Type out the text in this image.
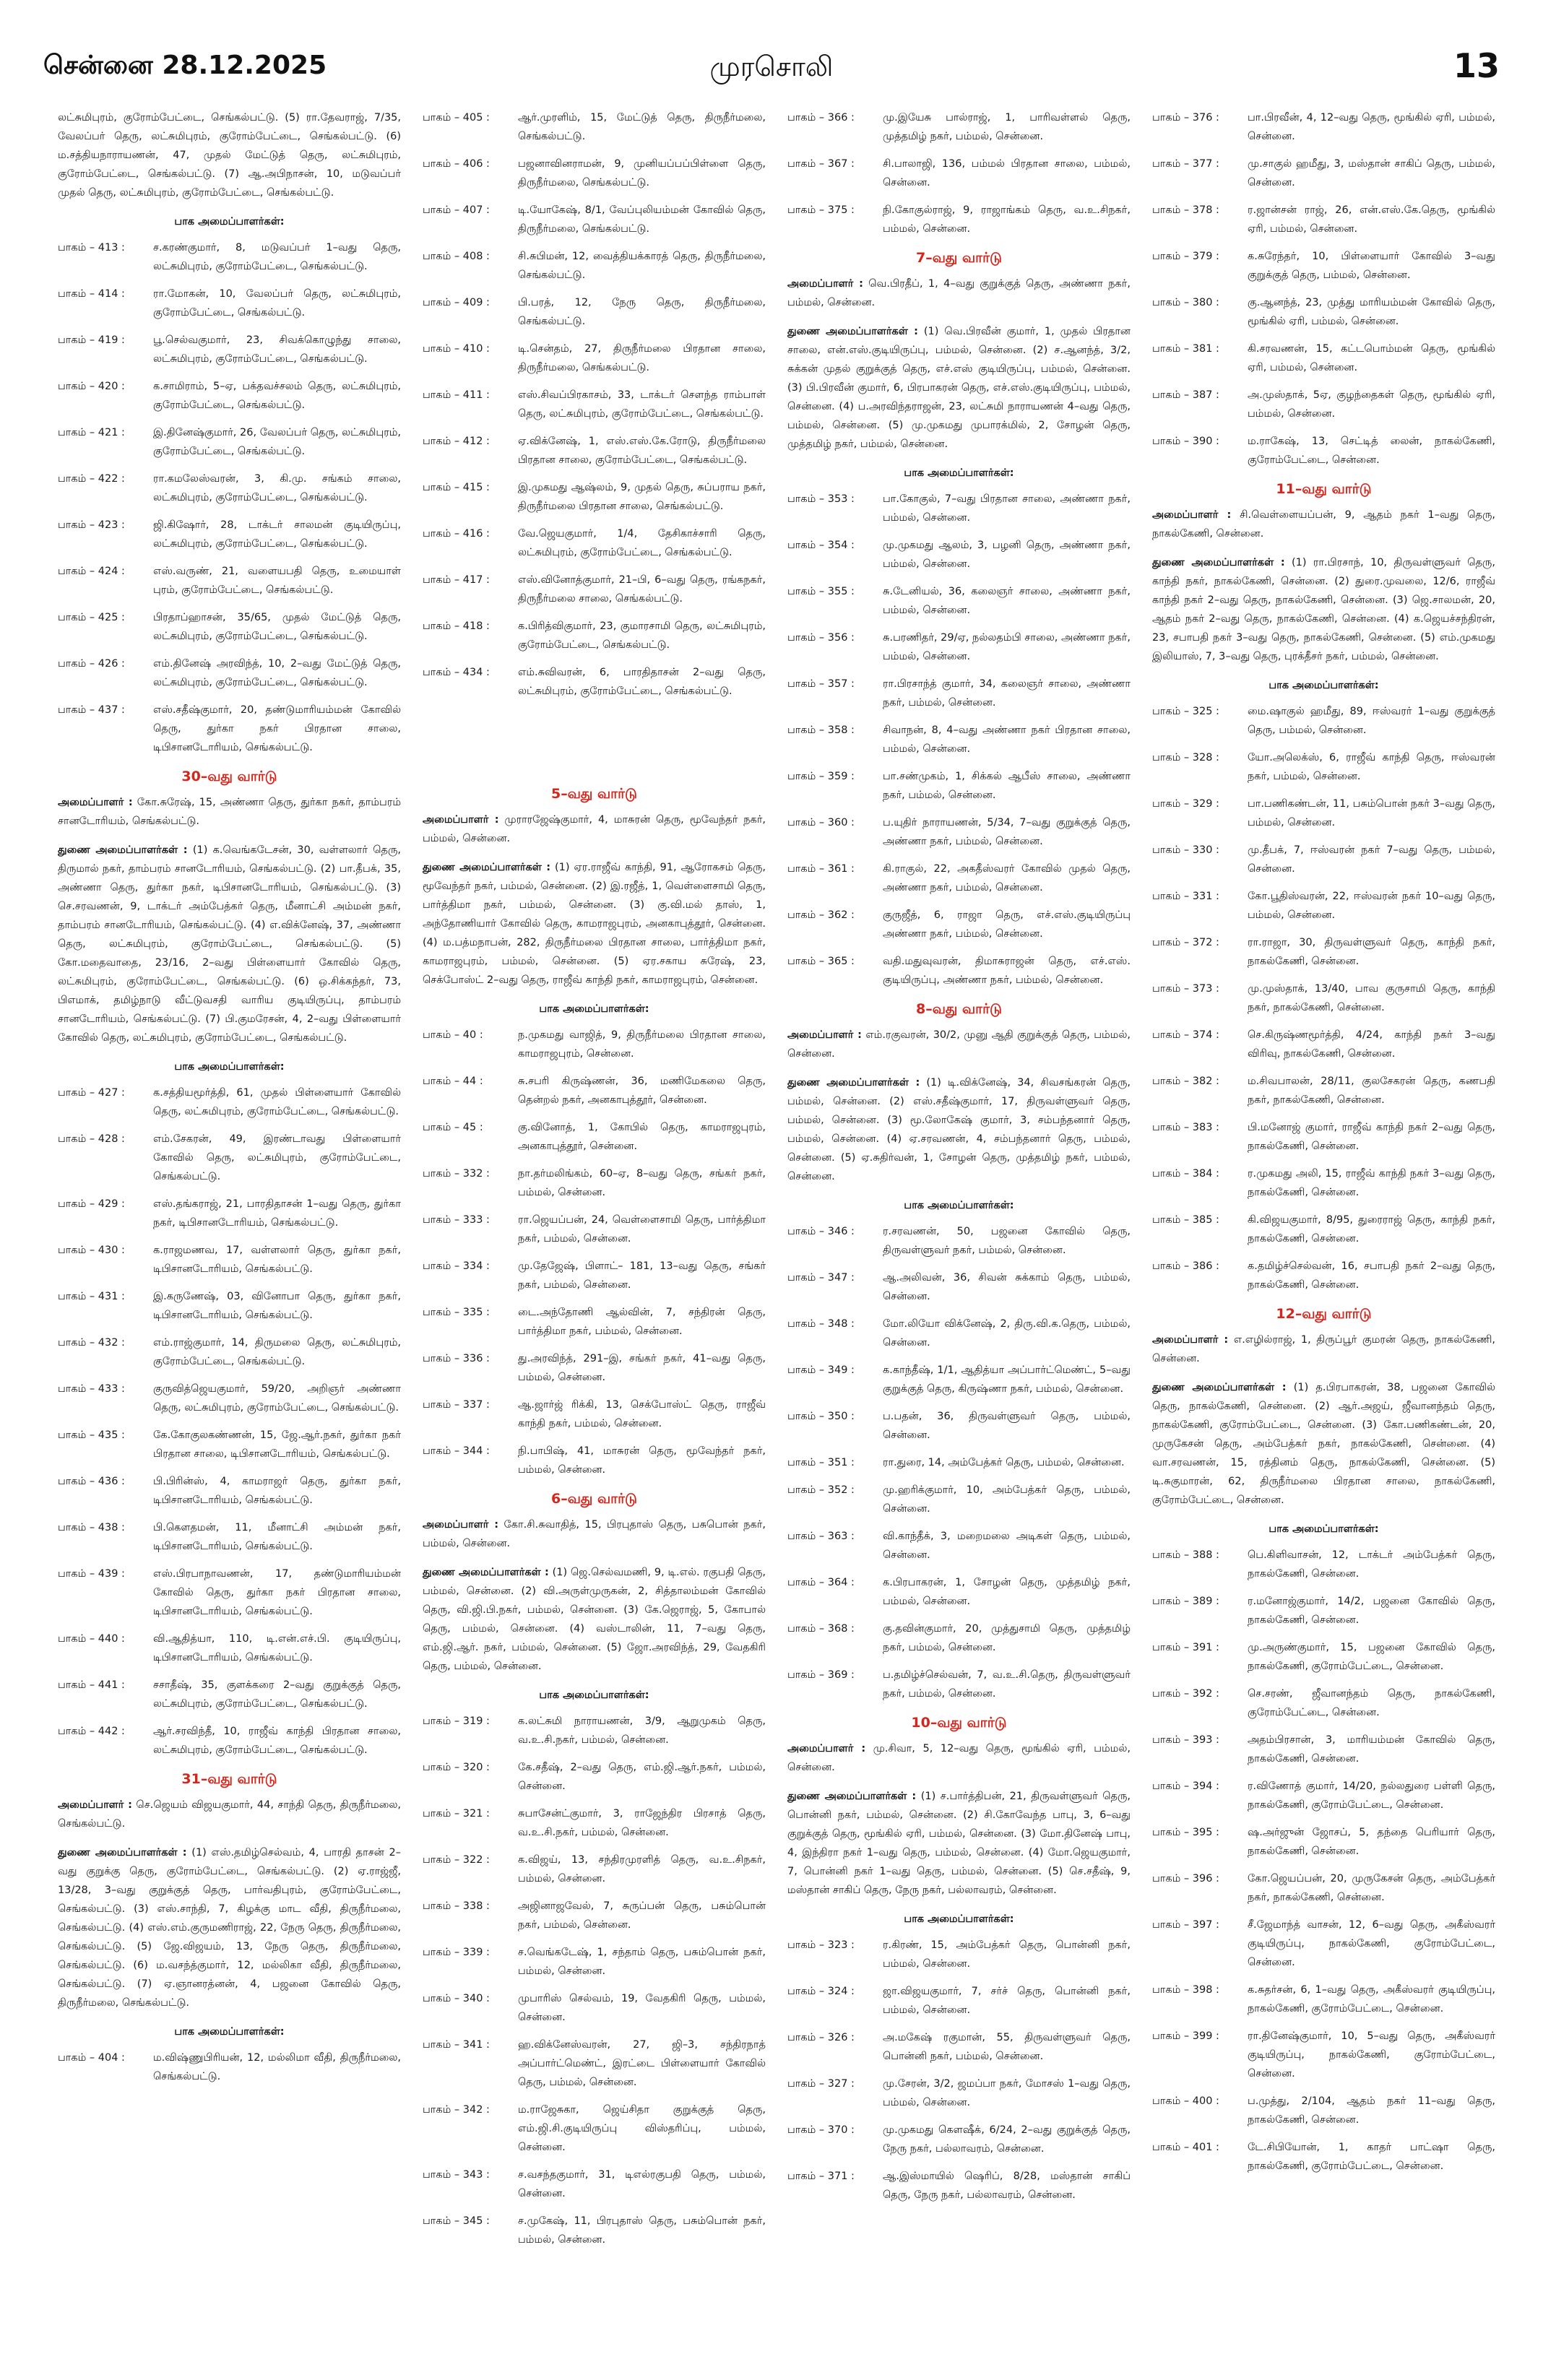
சென்னை 28.12.2025	முரசொலி	13

லட்சுமிபுரம், குரோம்பேட்டை, செங்கல்பட்டு. (5) ரா.தேவராஜ், 7/35, வேலப்பர் தெரு, லட்சுமிபுரம், குரோம்பேட்டை, செங்கல்பட்டு. (6) ம.சத்தியநாராயணன், 47, முதல் மேட்டுத் தெரு, லட்சுமிபுரம், குரோம்பேட்டை, செங்கல்பட்டு. (7) ஆ.அபிநாசன், 10, மடுவப்பர் முதல் தெரு, லட்சுமிபுரம், குரோம்பேட்டை, செங்கல்பட்டு.

பாக அமைப்பாளர்கள்:
பாகம் – 413 :	ச.கரண்குமார், 8, மடுவப்பர் 1–வது தெரு, லட்சுமிபுரம், குரோம்பேட்டை, செங்கல்பட்டு.
பாகம் – 414 :	ரா.மோகன், 10, வேலப்பர் தெரு, லட்சுமிபுரம், குரோம்பேட்டை, செங்கல்பட்டு.
பாகம் – 419 :	பூ.செல்வகுமார், 23, சிவக்கொழுந்து சாலை, லட்சுமிபுரம், குரோம்பேட்டை, செங்கல்பட்டு.
பாகம் – 420 :	க.சாமிராம், 5–ஏ, பக்தவச்சலம் தெரு, லட்சுமிபுரம், குரோம்பேட்டை, செங்கல்பட்டு.
பாகம் – 421 :	இ.தினேஷ்குமார், 26, வேலப்பர் தெரு, லட்சுமிபுரம், குரோம்பேட்டை, செங்கல்பட்டு.
பாகம் – 422 :	ரா.கமலேஸ்வரன், 3, கி.மு. சங்கம் சாலை, லட்சுமிபுரம், குரோம்பேட்டை, செங்கல்பட்டு.
பாகம் – 423 :	ஜி.கிஷோர், 28, டாக்டர் சாலமன் குடியிருப்பு, லட்சுமிபுரம், குரோம்பேட்டை, செங்கல்பட்டு.
பாகம் – 424 :	எஸ்.வருண், 21, வளையபதி தெரு, உமையாள் புரம், குரோம்பேட்டை, செங்கல்பட்டு.
பாகம் – 425 :	பிரதாப்ஹாசன், 35/65, முதல் மேட்டுத் தெரு, லட்சுமிபுரம், குரோம்பேட்டை, செங்கல்பட்டு.
பாகம் – 426 :	எம்.தினேஷ் அரவிந்த், 10, 2–வது மேட்டுத் தெரு, லட்சுமிபுரம், குரோம்பேட்டை, செங்கல்பட்டு.
பாகம் – 437 :	எஸ்.சதீஷ்குமார், 20, தண்டுமாரியம்மன் கோவில் தெரு, துர்கா நகர் பிரதான சாலை, டிபிசானடோரியம், செங்கல்பட்டு.
30–வது வார்டு

அமைப்பாளர் : கோ.சுரேஷ், 15, அண்ணா தெரு, துர்கா நகர், தாம்பரம் சானடோரியம், செங்கல்பட்டு.

துணை அமைப்பாளர்கள் : (1) க.வெங்கடேசன், 30, வள்ளலார் தெரு, திருமால் நகர், தாம்பரம் சானடோரியம், செங்கல்பட்டு. (2) பா.தீபக், 35, அண்ணா தெரு, துர்கா நகர், டிபிசானடோரியம், செங்கல்பட்டு. (3) செ.சரவணன், 9, டாக்டர் அம்பேத்கர் தெரு, மீனாட்சி அம்மன் நகர், தாம்பரம் சானடோரியம், செங்கல்பட்டு. (4) எ.விக்னேஷ், 37, அண்ணா தெரு, லட்சுமிபுரம், குரோம்பேட்டை, செங்கல்பட்டு. (5) கோ.மதைவாதை, 23/16, 2–வது பிள்ளையார் கோவில் தெரு, லட்சுமிபுரம், குரோம்பேட்டை, செங்கல்பட்டு. (6) ஒ.சிக்கந்தர், 73, பிஎமாக், தமிழ்நாடு வீட்டுவசதி வாரிய குடியிருப்பு, தாம்பரம் சானடோரியம், செங்கல்பட்டு. (7) பி.குமரேசன், 4, 2–வது பிள்ளையார் கோவில் தெரு, லட்சுமிபுரம், குரோம்பேட்டை, செங்கல்பட்டு.

பாக அமைப்பாளர்கள்:
பாகம் – 427 :	க.சத்தியமூர்த்தி, 61, முதல் பிள்ளையார் கோவில் தெரு, லட்சுமிபுரம், குரோம்பேட்டை, செங்கல்பட்டு.
பாகம் – 428 :	எம்.சேகரன், 49, இரண்டாவது பிள்ளையார் கோவில் தெரு, லட்சுமிபுரம், குரோம்பேட்டை, செங்கல்பட்டு.
பாகம் – 429 :	எஸ்.தங்கராஜ், 21, பாரதிதாசன் 1–வது தெரு, துர்கா நகர், டிபிசானடோரியம், செங்கல்பட்டு.
பாகம் – 430 :	க.ராஜமணவ, 17, வள்ளலார் தெரு, துர்கா நகர், டிபிசானடோரியம், செங்கல்பட்டு.
பாகம் – 431 :	இ.கருணேஷ், 03, வினோபா தெரு, துர்கா நகர், டிபிசானடோரியம், செங்கல்பட்டு.
பாகம் – 432 :	எம்.ராஜ்குமார், 14, திருமலை தெரு, லட்சுமிபுரம், குரோம்பேட்டை, செங்கல்பட்டு.
பாகம் – 433 :	குருவித்ஜெயகுமார், 59/20, அறிஞர் அண்ணா தெரு, லட்சுமிபுரம், குரோம்பேட்டை, செங்கல்பட்டு.
பாகம் – 435 :	கே.கோகுலகண்ணன், 15, ஜே.ஆர்.நகர், துர்கா நகர் பிரதான சாலை, டிபிசானடோரியம், செங்கல்பட்டு.
பாகம் – 436 :	பி.பிரின்ஸ், 4, காமராஜர் தெரு, துர்கா நகர், டிபிசானடோரியம், செங்கல்பட்டு.
பாகம் – 438 :	பி.கௌதமன், 11, மீனாட்சி அம்மன் நகர், டிபிசானடோரியம், செங்கல்பட்டு.
பாகம் – 439 :	எஸ்.பிரபாநாவணன், 17, தண்டுமாரியம்மன் கோவில் தெரு, துர்கா நகர் பிரதான சாலை, டிபிசானடோரியம், செங்கல்பட்டு.
பாகம் – 440 :	வி.ஆதித்யா, 110, டி.என்.எச்.பி. குடியிருப்பு, டிபிசானடோரியம், செங்கல்பட்டு.
பாகம் – 441 :	சசாதீஷ், 35, குளக்கரை 2–வது குறுக்குத் தெரு, லட்சுமிபுரம், குரோம்பேட்டை, செங்கல்பட்டு.
பாகம் – 442 :	ஆர்.சரவிந்தீ, 10, ராஜீவ் காந்தி பிரதான சாலை, லட்சுமிபுரம், குரோம்பேட்டை, செங்கல்பட்டு.
31–வது வார்டு

அமைப்பாளர் : செ.ஜெயம் விஜயகுமார், 44, சாந்தி தெரு, திருநீர்மலை, செங்கல்பட்டு.

துணை அமைப்பாளர்கள் : (1) எஸ்.தமிழ்செல்வம், 4, பாரதி தாசன் 2–வது குறுக்கு தெரு, குரோம்பேட்டை, செங்கல்பட்டு. (2) ஏ.ராஜ்ஜீ, 13/28, 3–வது குறுக்குத் தெரு, பார்வதிபுரம், குரோம்பேட்டை, செங்கல்பட்டு. (3) எஸ்.சாந்தி, 7, கிழக்கு மாட வீதி, திருநீர்மலை, செங்கல்பட்டு. (4) எஸ்.எம்.குருமணிராஜ், 22, நேரு தெரு, திருநீர்மலை, செங்கல்பட்டு. (5) ஜே.விஜயம், 13, நேரு தெரு, திருநீர்மலை, செங்கல்பட்டு. (6) ம.வசந்த்குமார், 12, மல்லிகா வீதி, திருநீர்மலை, செங்கல்பட்டு. (7) ஏ.ஞானரத்னன், 4, பஜனை கோவில் தெரு, திருநீர்மலை, செங்கல்பட்டு.

பாக அமைப்பாளர்கள்:
பாகம் – 404 :	ம.விஷ்ணுபிரியன், 12, மல்லிமா வீதி, திருநீர்மலை, செங்கல்பட்டு.
பாகம் – 405 :	ஆர்.முரளிம், 15, மேட்டுத் தெரு, திருநீர்மலை, செங்கல்பட்டு.
பாகம் – 406 :	பஜனாவினராமன், 9, முனியப்பப்பிள்ளை தெரு, திருநீர்மலை, செங்கல்பட்டு.
பாகம் – 407 :	டி.யோகேஷ், 8/1, வேப்புலியம்மன் கோவில் தெரு, திருநீர்மலை, செங்கல்பட்டு.
பாகம் – 408 :	சி.சுபிமன், 12, வைத்தியக்காரத் தெரு, திருநீர்மலை, செங்கல்பட்டு.
பாகம் – 409 :	பி.பரத், 12, நேரு தெரு, திருநீர்மலை, செங்கல்பட்டு.
பாகம் – 410 :	டி.சென்தம், 27, திருநீர்மலை பிரதான சாலை, திருநீர்மலை, செங்கல்பட்டு.
பாகம் – 411 :	எஸ்.சிவப்பிரகாசம், 33, டாக்டர் சௌந்த ராம்பாள் தெரு, லட்சுமிபுரம், குரோம்பேட்டை, செங்கல்பட்டு.
பாகம் – 412 :	ஏ.விக்னேஷ், 1, எஸ்.எஸ்.கே.ரோடு, திருநீர்மலை பிரதான சாலை, குரோம்பேட்டை, செங்கல்பட்டு.
பாகம் – 415 :	இ.முகமது ஆஷ்லம், 9, முதல் தெரு, சுப்பராய நகர், திருநீர்மலை பிரதான சாலை, செங்கல்பட்டு.
பாகம் – 416 :	வே.ஜெயகுமார், 1/4, தேசிகாச்சாரி தெரு, லட்சுமிபுரம், குரோம்பேட்டை, செங்கல்பட்டு.
பாகம் – 417 :	எஸ்.வினோத்குமார், 21–பி, 6–வது தெரு, ரங்கநகர், திருநீர்மலை சாலை, செங்கல்பட்டு.
பாகம் – 418 :	க.பிரித்விகுமார், 23, குமாரசாமி தெரு, லட்சுமிபுரம், குரோம்பேட்டை, செங்கல்பட்டு.
பாகம் – 434 :	எம்.சுவிவரன், 6, பாரதிதாசன் 2–வது தெரு, லட்சுமிபுரம், குரோம்பேட்டை, செங்கல்பட்டு.
5–வது வார்டு

அமைப்பாளர் : முராரஜேஷ்குமார், 4, மாசுரன் தெரு, மூவேந்தர் நகர், பம்மல், சென்னை.

துணை அமைப்பாளர்கள் : (1) ஏர.ராஜீவ் காந்தி, 91, ஆரோகசம் தெரு, மூவேந்தர் நகர், பம்மல், சென்னை. (2) இ.ரஜீத், 1, வெள்ளைசாமி தெரு, பார்த்திமா நகர், பம்மல், சென்னை. (3) கு.வி.மல் தாஸ், 1, அந்தோணியார் கோவில் தெரு, காமராஜபுரம், அனகாபுத்தூர், சென்னை. (4) ம.பத்மநாபன், 282, திருநீர்மலை பிரதான சாலை, பார்த்திமா நகர், காமராஜபுரம், பம்மல், சென்னை. (5) ஏர.சகாய சுரேஷ், 23, செக்போஸ்ட் 2–வது தெரு, ராஜீவ் காந்தி நகர், காமராஜபுரம், சென்னை.

பாக அமைப்பாளர்கள்:
பாகம் – 40 :	ந.முகமது வாஜித், 9, திருநீர்மலை பிரதான சாலை, காமராஜபுரம், சென்னை.
பாகம் – 44 :	சு.சபரி கிருஷ்ணன், 36, மணிமேகலை தெரு, தென்றல் நகர், அனகாபுத்தூர், சென்னை.
பாகம் – 45 :	கு.வினோத், 1, கோபில் தெரு, காமராஜபுரம், அனகாபுத்தூர், சென்னை.
பாகம் – 332 :	நா.தர்மலிங்கம், 60–ஏ, 8–வது தெரு, சங்கர் நகர், பம்மல், சென்னை.
பாகம் – 333 :	ரா.ஜெயப்பன், 24, வெள்ளைசாமி தெரு, பார்த்திமா நகர், பம்மல், சென்னை.
பாகம் – 334 :	மு.தேஜேஷ், பிளாட்– 181, 13–வது தெரு, சங்கர் நகர், பம்மல், சென்னை.
பாகம் – 335 :	டை.அந்தோணி ஆல்வின், 7, சந்திரன் தெரு, பார்த்திமா நகர், பம்மல், சென்னை.
பாகம் – 336 :	து.அரவிந்த், 291–இ, சங்கர் நகர், 41–வது தெரு, பம்மல், சென்னை.
பாகம் – 337 :	ஆ.ஜார்ஜ் ரிக்கி, 13, செக்போஸ்ட் தெரு, ராஜீவ் காந்தி நகர், பம்மல், சென்னை.
பாகம் – 344 :	நி.பாபிஷ், 41, மாசுரன் தெரு, மூவேந்தர் நகர், பம்மல், சென்னை.
6–வது வார்டு

அமைப்பாளர் : கோ.சி.சுவாதித், 15, பிரபுதாஸ் தெரு, பசுபொன் நகர், பம்மல், சென்னை.

துணை அமைப்பாளர்கள் : (1) ஜெ.செல்வமணி, 9, டி.எல். ரகுபதி தெரு, பம்மல், சென்னை. (2) வி.அருள்முருகன், 2, சித்தாலம்மன் கோவில் தெரு, வி.ஜி.பி.நகர், பம்மல், சென்னை. (3) கே.ஜெராஜ், 5, கோபால் தெரு, பம்மல், சென்னை. (4) வஸ்டாலின், 11, 7–வது தெரு, எம்.ஜி.ஆர். நகர், பம்மல், சென்னை. (5) ஜோ.அரவிந்த், 29, வேதகிரி தெரு, பம்மல், சென்னை.

பாக அமைப்பாளர்கள்:
பாகம் – 319 :	க.லட்சுமி நாராயணன், 3/9, ஆறுமுகம் தெரு, வ.உ.சி.நகர், பம்மல், சென்னை.
பாகம் – 320 :	கே.சதீஷ், 2–வது தெரு, எம்.ஜி.ஆர்.நகர், பம்மல், சென்னை.
பாகம் – 321 :	சுபாசேன்ட்குமார், 3, ராஜேந்திர பிரசாத் தெரு, வ.உ.சி.நகர், பம்மல், சென்னை.
பாகம் – 322 :	க.விஜய், 13, சந்திரமுரளித் தெரு, வ.உ.சிநகர், பம்மல், சென்னை.
பாகம் – 338 :	அஜினாஜவேல், 7, சுருப்பன் தெரு, பசும்பொன் நகர், பம்மல், சென்னை.
பாகம் – 339 :	ச.வெங்கடேஷ், 1, சந்தாம் தெரு, பசும்பொன் நகர், பம்மல், சென்னை.
பாகம் – 340 :	முபாரிஸ் செல்வம், 19, வேதகிரி தெரு, பம்மல், சென்னை.
பாகம் – 341 :	ஹ.விக்னேஸ்வரன், 27, ஜி–3, சந்திரநாத் அப்பார்ட்மெண்ட், இரட்டை பிள்ளையார் கோவில் தெரு, பம்மல், சென்னை.
பாகம் – 342 :	ம.ராஜேசுகா, ஜெய்சிதா குறுக்குத் தெரு, எம்.ஜி.சி.குடியிருப்பு விஸ்தரிப்பு, பம்மல், சென்னை.
பாகம் – 343 :	ச.வசந்தகுமார், 31, டிஎல்ரகுபதி தெரு, பம்மல், சென்னை.
பாகம் – 345 :	ச.முகேஷ், 11, பிரபுதாஸ் தெரு, பசும்பொன் நகர், பம்மல், சென்னை.
பாகம் – 366 :	மு.இயேசு பால்ராஜ், 1, பாரிவள்ளல் தெரு, முத்தமிழ் நகர், பம்மல், சென்னை.
பாகம் – 367 :	சி.பாலாஜி, 136, பம்மல் பிரதான சாலை, பம்மல், சென்னை.
பாகம் – 375 :	நி.கோகுல்ராஜ், 9, ராஜாங்கம் தெரு, வ.உ.சிநகர், பம்மல், சென்னை.
7–வது வார்டு

அமைப்பாளர் : வெ.பிரதீப், 1, 4–வது குறுக்குத் தெரு, அண்ணா நகர், பம்மல், சென்னை.

துணை அமைப்பாளர்கள் : (1) வெ.பிரவீன் குமார், 1, முதல் பிரதான சாலை, என்.எஸ்.குடியிருப்பு, பம்மல், சென்னை. (2) ச.ஆனந்த், 3/2, சுக்கன் முதல் குறுக்குத் தெரு, எச்.எஸ் குடியிருப்பு, பம்மல், சென்னை. (3) பி.பிரவீன் குமார், 6, பிரபாகரன் தெரு, எச்.எஸ்.குடியிருப்பு, பம்மல், சென்னை. (4) ப.அரவிந்தராஜன், 23, லட்சுமி நாராயணன் 4–வது தெரு, பம்மல், சென்னை. (5) மு.முகமது முபாரக்மில், 2, சோழன் தெரு, முத்தமிழ் நகர், பம்மல், சென்னை.

பாக அமைப்பாளர்கள்:
பாகம் – 353 :	பா.கோகுல், 7–வது பிரதான சாலை, அண்ணா நகர், பம்மல், சென்னை.
பாகம் – 354 :	மு.முகமது ஆலம், 3, பழனி தெரு, அண்ணா நகர், பம்மல், சென்னை.
பாகம் – 355 :	சு.டேனியல், 36, கலைஞர் சாலை, அண்ணா நகர், பம்மல், சென்னை.
பாகம் – 356 :	சு.பரணிதர், 29/ஏ, நல்லதம்பி சாலை, அண்ணா நகர், பம்மல், சென்னை.
பாகம் – 357 :	ரா.பிரசாந்த் குமார், 34, கலைஞர் சாலை, அண்ணா நகர், பம்மல், சென்னை.
பாகம் – 358 :	சிவாநன், 8, 4–வது அண்ணா நகர் பிரதான சாலை, பம்மல், சென்னை.
பாகம் – 359 :	பா.சண்முகம், 1, சிக்கல் ஆபீஸ் சாலை, அண்ணா நகர், பம்மல், சென்னை.
பாகம் – 360 :	ப.யுதிர் நாராயணன், 5/34, 7–வது குறுக்குத் தெரு, அண்ணா நகர், பம்மல், சென்னை.
பாகம் – 361 :	கி.ராகுல், 22, அகதீஸ்வரர் கோவில் முதல் தெரு, அண்ணா நகர், பம்மல், சென்னை.
பாகம் – 362 :	குருஜீத், 6, ராஜா தெரு, எச்.எஸ்.குடியிருப்பு அண்ணா நகர், பம்மல், சென்னை.
பாகம் – 365 :	வதி.மதுவுவரன், திமாசுராஜன் தெரு, எச்.எஸ். குடியிருப்பு, அண்ணா நகர், பம்மல், சென்னை.
8–வது வார்டு

அமைப்பாளர் : எம்.ரகுவரன், 30/2, முனு ஆதி குறுக்குத் தெரு, பம்மல், சென்னை.

துணை அமைப்பாளர்கள் : (1) டி.விக்னேஷ், 34, சிவசங்கரன் தெரு, பம்மல், சென்னை. (2) எஸ்.சதீஷ்குமார், 17, திருவள்ளுவர் தெரு, பம்மல், சென்னை. (3) மூ.லோகேஷ் குமார், 3, சம்பந்தனார் தெரு, பம்மல், சென்னை. (4) ஏ.சரவணன், 4, சம்பந்தனார் தெரு, பம்மல், சென்னை. (5) ஏ.சுதிர்வன், 1, சோழன் தெரு, முத்தமிழ் நகர், பம்மல், சென்னை.

பாக அமைப்பாளர்கள்:
பாகம் – 346 :	ர.சரவணன், 50, பஜனை கோவில் தெரு, திருவள்ளுவர் நகர், பம்மல், சென்னை.
பாகம் – 347 :	ஆ.அலிவன், 36, சிவன் சுக்காம் தெரு, பம்மல், சென்னை.
பாகம் – 348 :	மோ.லியோ விக்னேஷ், 2, திரு.வி.க.தெரு, பம்மல், சென்னை.
பாகம் – 349 :	க.காந்தீஷ், 1/1, ஆதித்யா அப்பார்ட்மெண்ட், 5–வது குறுக்குத் தெரு, கிருஷ்ணா நகர், பம்மல், சென்னை.
பாகம் – 350 :	ப.பதன், 36, திருவள்ளுவர் தெரு, பம்மல், சென்னை.
பாகம் – 351 :	ரா.துரை, 14, அம்பேத்கர் தெரு, பம்மல், சென்னை.
பாகம் – 352 :	மு.ஹரிக்குமார், 10, அம்பேத்கர் தெரு, பம்மல், சென்னை.
பாகம் – 363 :	வி.காந்தீக், 3, மறைமலை அடிகள் தெரு, பம்மல், சென்னை.
பாகம் – 364 :	க.பிரபாகரன், 1, சோழன் தெரு, முத்தமிழ் நகர், பம்மல், சென்னை.
பாகம் – 368 :	கு.தவின்குமார், 20, முத்துசாமி தெரு, முத்தமிழ் நகர், பம்மல், சென்னை.
பாகம் – 369 :	ப.தமிழ்ச்செல்வன், 7, வ.உ.சி.தெரு, திருவள்ளுவர் நகர், பம்மல், சென்னை.
10–வது வார்டு

அமைப்பாளர் : மு.சிவா, 5, 12–வது தெரு, மூங்கில் ஏரி, பம்மல், சென்னை.

துணை அமைப்பாளர்கள் : (1) ச.பார்த்திபன், 21, திருவள்ளுவர் தெரு, பொன்னி நகர், பம்மல், சென்னை. (2) சி.கோவேந்த பாபு, 3, 6–வது குறுக்குத் தெரு, மூங்கில் ஏரி, பம்மல், சென்னை. (3) மோ.தினேஷ் பாபு, 4, இந்திரா நகர் 1–வது தெரு, பம்மல், சென்னை. (4) மோ.ஜெயகுமார், 7, பொன்னி நகர் 1–வது தெரு, பம்மல், சென்னை. (5) செ.சதீஷ், 9, மஸ்தான் சாகிப் தெரு, நேரு நகர், பல்லாவரம், சென்னை.

பாக அமைப்பாளர்கள்:
பாகம் – 323 :	ர.கிரண், 15, அம்பேத்கர் தெரு, பொன்னி நகர், பம்மல், சென்னை.
பாகம் – 324 :	ஜா.விஜயகுமார், 7, சர்ச் தெரு, பொன்னி நகர், பம்மல், சென்னை.
பாகம் – 326 :	அ.மகேஷ் ரகுமான், 55, திருவள்ளுவர் தெரு, பொன்னி நகர், பம்மல், சென்னை.
பாகம் – 327 :	மு.சேரன், 3/2, ஜமப்பா நகர், மோசஸ் 1–வது தெரு, பம்மல், சென்னை.
பாகம் – 370 :	மு.முகமது கௌஷீக், 6/24, 2–வது குறுக்குத் தெரு, நேரு நகர், பல்லாவரம், சென்னை.
பாகம் – 371 :	ஆ.இஸ்மாயில் ஷெரிப், 8/28, மஸ்தான் சாகிப் தெரு, நேரு நகர், பல்லாவரம், சென்னை.
பாகம் – 376 :	பா.பிரவீன், 4, 12–வது தெரு, மூங்கில் ஏரி, பம்மல், சென்னை.
பாகம் – 377 :	மு.சாகுல் ஹமீது, 3, மஸ்தான் சாகிப் தெரு, பம்மல், சென்னை.
பாகம் – 378 :	ர.ஜான்சன் ராஜ், 26, என்.எஸ்.கே.தெரு, மூங்கில் ஏரி, பம்மல், சென்னை.
பாகம் – 379 :	க.சுரேந்தர், 10, பிள்ளையார் கோவில் 3–வது குறுக்குத் தெரு, பம்மல், சென்னை.
பாகம் – 380 :	கு.ஆனந்த், 23, முத்து மாரியம்மன் கோவில் தெரு, மூங்கில் ஏரி, பம்மல், சென்னை.
பாகம் – 381 :	கி.சரவணன், 15, கட்டபொம்மன் தெரு, மூங்கில் ஏரி, பம்மல், சென்னை.
பாகம் – 387 :	அ.முஸ்தாக், 5ஏ, குழந்தைகள் தெரு, மூங்கில் ஏரி, பம்மல், சென்னை.
பாகம் – 390 :	ம.ராகேஷ், 13, செட்டித் லைன், நாகல்கேணி, குரோம்பேட்டை, சென்னை.
11–வது வார்டு

அமைப்பாளர் : சி.வெள்ளையப்பன், 9, ஆதம் நகர் 1–வது தெரு, நாகல்கேணி, சென்னை.

துணை அமைப்பாளர்கள் : (1) ரா.பிரசாந், 10, திருவள்ளுவர் தெரு, காந்தி நகர், நாகல்கேணி, சென்னை. (2) துரை.முவலை, 12/6, ராஜீவ் காந்தி நகர் 2–வது தெரு, நாகல்கேணி, சென்னை. (3) ஜெ.சாலமன், 20, ஆதம் நகர் 2–வது தெரு, நாகல்கேணி, சென்னை. (4) க.ஜெயச்சந்திரன், 23, சபாபதி நகர் 3–வது தெரு, நாகல்கேணி, சென்னை. (5) எம்.முகமது இலியாஸ், 7, 3–வது தெரு, புரக்தீசர் நகர், பம்மல், சென்னை.

பாக அமைப்பாளர்கள்:
பாகம் – 325 :	மை.ஷாகுல் ஹமீது, 89, ஈஸ்வரர் 1–வது குறுக்குத் தெரு, பம்மல், சென்னை.
பாகம் – 328 :	யோ.அலெக்ஸ், 6, ராஜீவ் காந்தி தெரு, ஈஸ்வரன் நகர், பம்மல், சென்னை.
பாகம் – 329 :	பா.பணிகண்டன், 11, பசும்பொன் நகர் 3–வது தெரு, பம்மல், சென்னை.
பாகம் – 330 :	மு.தீபக், 7, ஈஸ்வரன் நகர் 7–வது தெரு, பம்மல், சென்னை.
பாகம் – 331 :	கோ.பூதிஸ்வரன், 22, ஈஸ்வரன் நகர் 10–வது தெரு, பம்மல், சென்னை.
பாகம் – 372 :	ரா.ராஜா, 30, திருவள்ளுவர் தெரு, காந்தி நகர், நாகல்கேணி, சென்னை.
பாகம் – 373 :	மு.முஸ்தாக், 13/40, பாவ குருசாமி தெரு, காந்தி நகர், நாகல்கேணி, சென்னை.
பாகம் – 374 :	செ.கிருஷ்ணமூர்த்தி, 4/24, காந்தி நகர் 3–வது விரிவு, நாகல்கேணி, சென்னை.
பாகம் – 382 :	ம.சிவபாலன், 28/11, குலசேகரன் தெரு, கணபதி நகர், நாகல்கேணி, சென்னை.
பாகம் – 383 :	பி.மனோஜ் குமார், ராஜீவ் காந்தி நகர் 2–வது தெரு, நாகல்கேணி, சென்னை.
பாகம் – 384 :	ர.முகமது அலி, 15, ராஜீவ் காந்தி நகர் 3–வது தெரு, நாகல்கேணி, சென்னை.
பாகம் – 385 :	கி.விஜயகுமார், 8/95, துரைராஜ் தெரு, காந்தி நகர், நாகல்கேணி, சென்னை.
பாகம் – 386 :	க.தமிழ்ச்செல்வன், 16, சபாபதி நகர் 2–வது தெரு, நாகல்கேணி, சென்னை.
12–வது வார்டு

அமைப்பாளர் : எ.எழில்ராஜ், 1, திருப்பூர் குமரன் தெரு, நாகல்கேணி, சென்னை.

துணை அமைப்பாளர்கள் : (1) த.பிரபாகரன், 38, பஜனை கோவில் தெரு, நாகல்கேணி, சென்னை. (2) ஆர்.அஜய், ஜீவானந்தம் தெரு, நாகல்கேணி, குரோம்பேட்டை, சென்னை. (3) கோ.பணிகண்டன், 20, முருகேசன் தெரு, அம்பேத்கர் நகர், நாகல்கேணி, சென்னை. (4) வா.சரவணன், 15, ரத்தினம் தெரு, நாகல்கேணி, சென்னை. (5) டி.சுகுமாரன், 62, திருநீர்மலை பிரதான சாலை, நாகல்கேணி, குரோம்பேட்டை, சென்னை.

பாக அமைப்பாளர்கள்:
பாகம் – 388 :	பெ.கிளிவாசன், 12, டாக்டர் அம்பேத்கர் தெரு, நாகல்கேணி, சென்னை.
பாகம் – 389 :	ர.மனோஜ்குமார், 14/2, பஜனை கோவில் தெரு, நாகல்கேணி, சென்னை.
பாகம் – 391 :	மு.அருண்குமார், 15, பஜனை கோவில் தெரு, நாகல்கேணி, குரோம்பேட்டை, சென்னை.
பாகம் – 392 :	செ.சரண், ஜீவானந்தம் தெரு, நாகல்கேணி, குரோம்பேட்டை, சென்னை.
பாகம் – 393 :	அதம்பிரசான், 3, மாரியம்மன் கோவில் தெரு, நாகல்கேணி, சென்னை.
பாகம் – 394 :	ர.விணோத் குமார், 14/20, நல்லதுரை பள்ளி தெரு, நாகல்கேணி, குரோம்பேட்டை, சென்னை.
பாகம் – 395 :	ஷ.அர்ஜுன் ஜோசப், 5, தந்தை பெரியார் தெரு, நாகல்கேணி, சென்னை.
பாகம் – 396 :	கோ.ஜெயப்பன், 20, முருகேசன் தெரு, அம்பேத்கர் நகர், நாகல்கேணி, சென்னை.
பாகம் – 397 :	சீ.ஜேமாந்த் வாசன், 12, 6–வது தெரு, அகீஸ்வரர் குடியிருப்பு, நாகல்கேணி, குரோம்பேட்டை, சென்னை.
பாகம் – 398 :	க.சுதர்சன், 6, 1–வது தெரு, அகீஸ்வரர் குடியிருப்பு, நாகல்கேணி, குரோம்பேட்டை, சென்னை.
பாகம் – 399 :	ரா.தினேஷ்குமார், 10, 5–வது தெரு, அகீஸ்வரர் குடியிருப்பு, நாகல்கேணி, குரோம்பேட்டை, சென்னை.
பாகம் – 400 :	ப.முத்து, 2/104, ஆதம் நகர் 11–வது தெரு, நாகல்கேணி, சென்னை.
பாகம் – 401 :	டே.சிபியோன், 1, காதர் பாட்ஷா தெரு, நாகல்கேணி, குரோம்பேட்டை, சென்னை.
